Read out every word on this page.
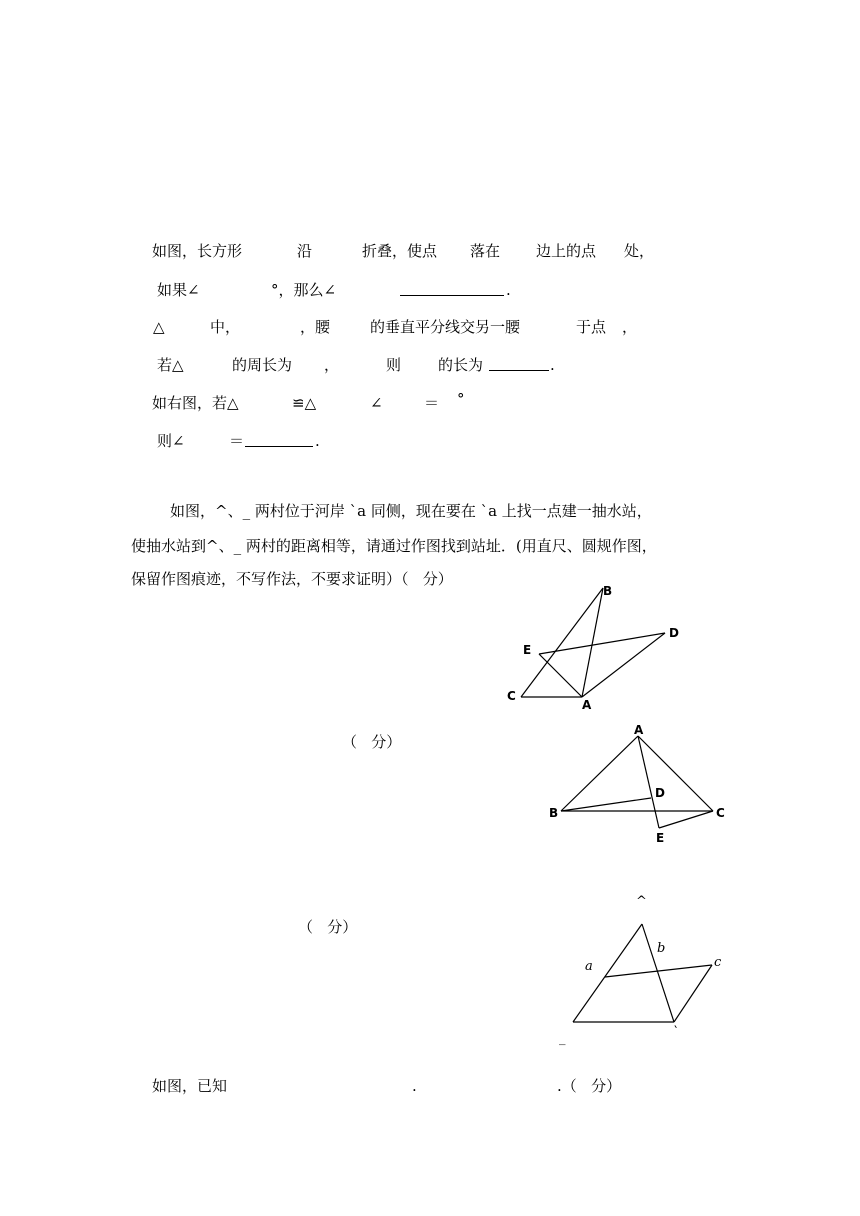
如图，长方形	沿	折叠，使点 落在 边上的点 处，
如果∠	°，那么∠	.
△	中，	，腰	的垂直平分线交另一腰	于点 ，
若△	的周长为 ，	则 的长为	.
如右图，若△	≌△	∠	＝ °
则∠	＝	.
如图，^、_ 两村位于河岸 `a 同侧，现在要在 `a 上找一点建一抽水站，
使抽水站到^、_ 两村的距离相等，请通过作图找到站址．(用直尺、圆规作图，
保留作图痕迹，不写作法，不要求证明）（   分）
B
D
E
C
A
（   分）
A
D
B	C
E
（   分）
^
a
b
c
_	`
如图，已知	.	.（   分）
